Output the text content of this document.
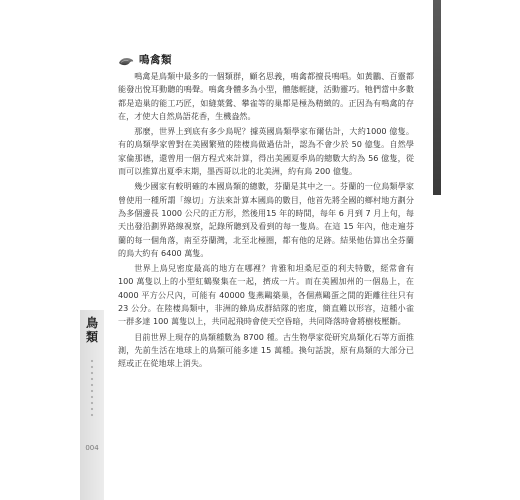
鳥類
004
鳴禽類

鳴禽是鳥類中最多的一個類群，顧名思義，鳴禽都擅長鳴唱。如黃鸝、百靈都能發出悅耳動聽的鳴聲。鳴禽身體多為小型，體態輕捷，活動靈巧。牠們當中多數都是造巢的能工巧匠，如縫葉鶯、攀雀等的巢都是極為精緻的。正因為有鳴禽的存在，才使大自然鳥語花香，生機盎然。

那麼，世界上到底有多少鳥呢？據英國鳥類學家布爾估計，大約1000 億隻。有的鳥類學家曾對在美國繁殖的陸棲鳥做過估計，認為不會少於 50 億隻。自然學家倫那德，還曾用一個方程式來計算，得出美國夏季鳥的總數大約為 56 億隻，從而可以推算出夏季末期，墨西哥以北的北美洲，約有鳥 200 億隻。

幾少國家有較明確的本國鳥類的總數，芬蘭是其中之一。芬蘭的一位鳥類學家曾使用一種所謂「線切」方法來計算本國鳥的數目，他首先將全國的鄉村地方劃分為多個邊長 1000 公尺的正方形，然後用15 年的時間，每年 6 月到 7 月上旬，每天出發沿劃界路線視察，記錄所聽到及看到的每一隻鳥。在這 15 年內，他走遍芬蘭的每一個角落，南至芬蘭灣，北至北極圈，都有他的足跡。結果他估算出全芬蘭的鳥大約有 6400 萬隻。

世界上鳥兒密度最高的地方在哪裡？肯雅和坦桑尼亞的利夫特數，經常會有 100 萬隻以上的小型紅鶴聚集在一起，擠成一片。而在美國加州的一個島上，在 4000 平方公尺內，可能有 40000 隻燕鷗築巢，各個燕鷗蛋之間的距離往往只有 23 公分。在陸棲鳥類中，非洲的蜂鳥成群結隊的密度，簡直難以形容，這種小雀一群多達 100 萬隻以上，共同起飛時會使天空昏暗，共同降落時會將樹枝壓斷。

目前世界上現存的鳥類種數為 8700 種。古生物學家從研究鳥類化石等方面推測，先前生活在地球上的鳥類可能多達 15 萬種。換句話說，原有鳥類的大部分已經或正在從地球上消失。
